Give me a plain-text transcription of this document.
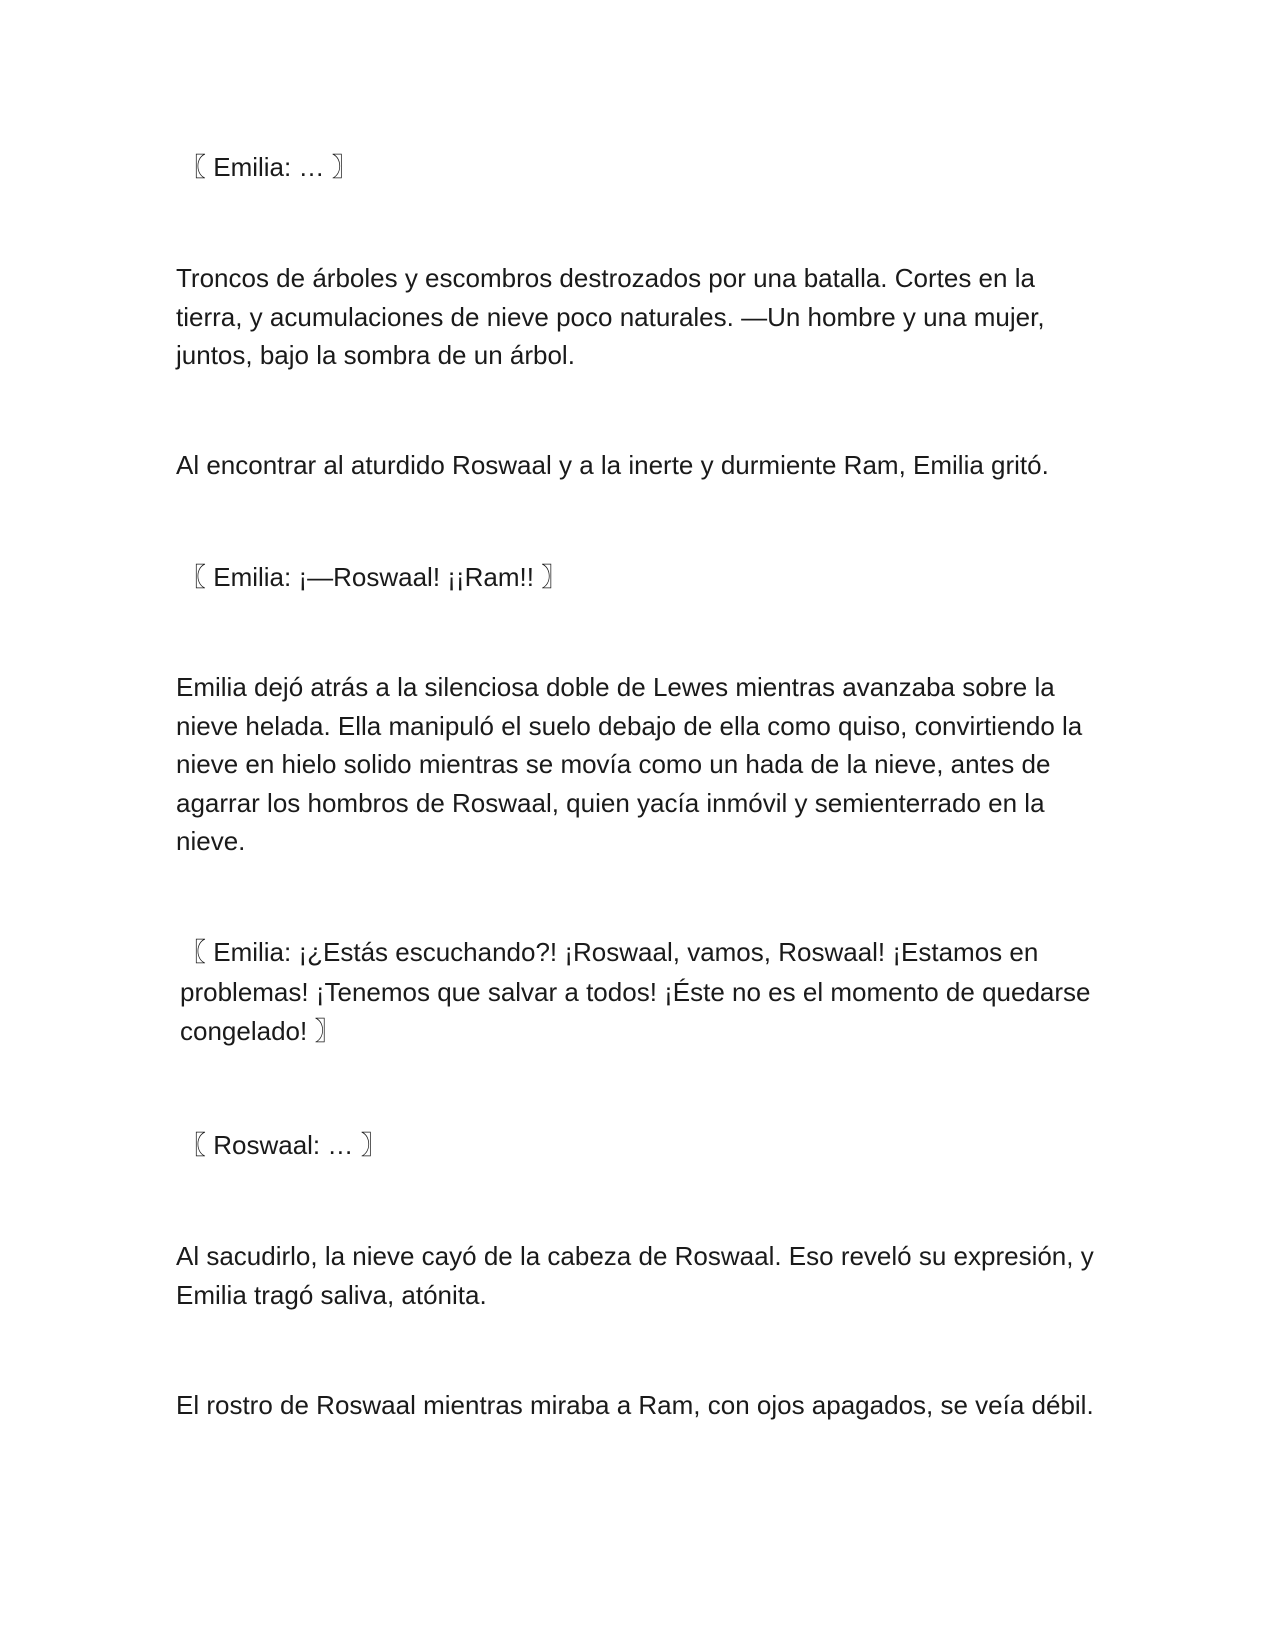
〖 Emilia: … 〗

Troncos de árboles y escombros destrozados por una batalla. Cortes en la tierra, y acumulaciones de nieve poco naturales. —Un hombre y una mujer, juntos, bajo la sombra de un árbol.

Al encontrar al aturdido Roswaal y a la inerte y durmiente Ram, Emilia gritó.

〖 Emilia: ¡—Roswaal! ¡¡Ram!! 〗

Emilia dejó atrás a la silenciosa doble de Lewes mientras avanzaba sobre la nieve helada. Ella manipuló el suelo debajo de ella como quiso, convirtiendo la nieve en hielo solido mientras se movía como un hada de la nieve, antes de agarrar los hombros de Roswaal, quien yacía inmóvil y semienterrado en la nieve.

〖 Emilia: ¡¿Estás escuchando?! ¡Roswaal, vamos, Roswaal! ¡Estamos en problemas! ¡Tenemos que salvar a todos! ¡Éste no es el momento de quedarse congelado! 〗

〖 Roswaal: … 〗

Al sacudirlo, la nieve cayó de la cabeza de Roswaal. Eso reveló su expresión, y Emilia tragó saliva, atónita.

El rostro de Roswaal mientras miraba a Ram, con ojos apagados, se veía débil.
